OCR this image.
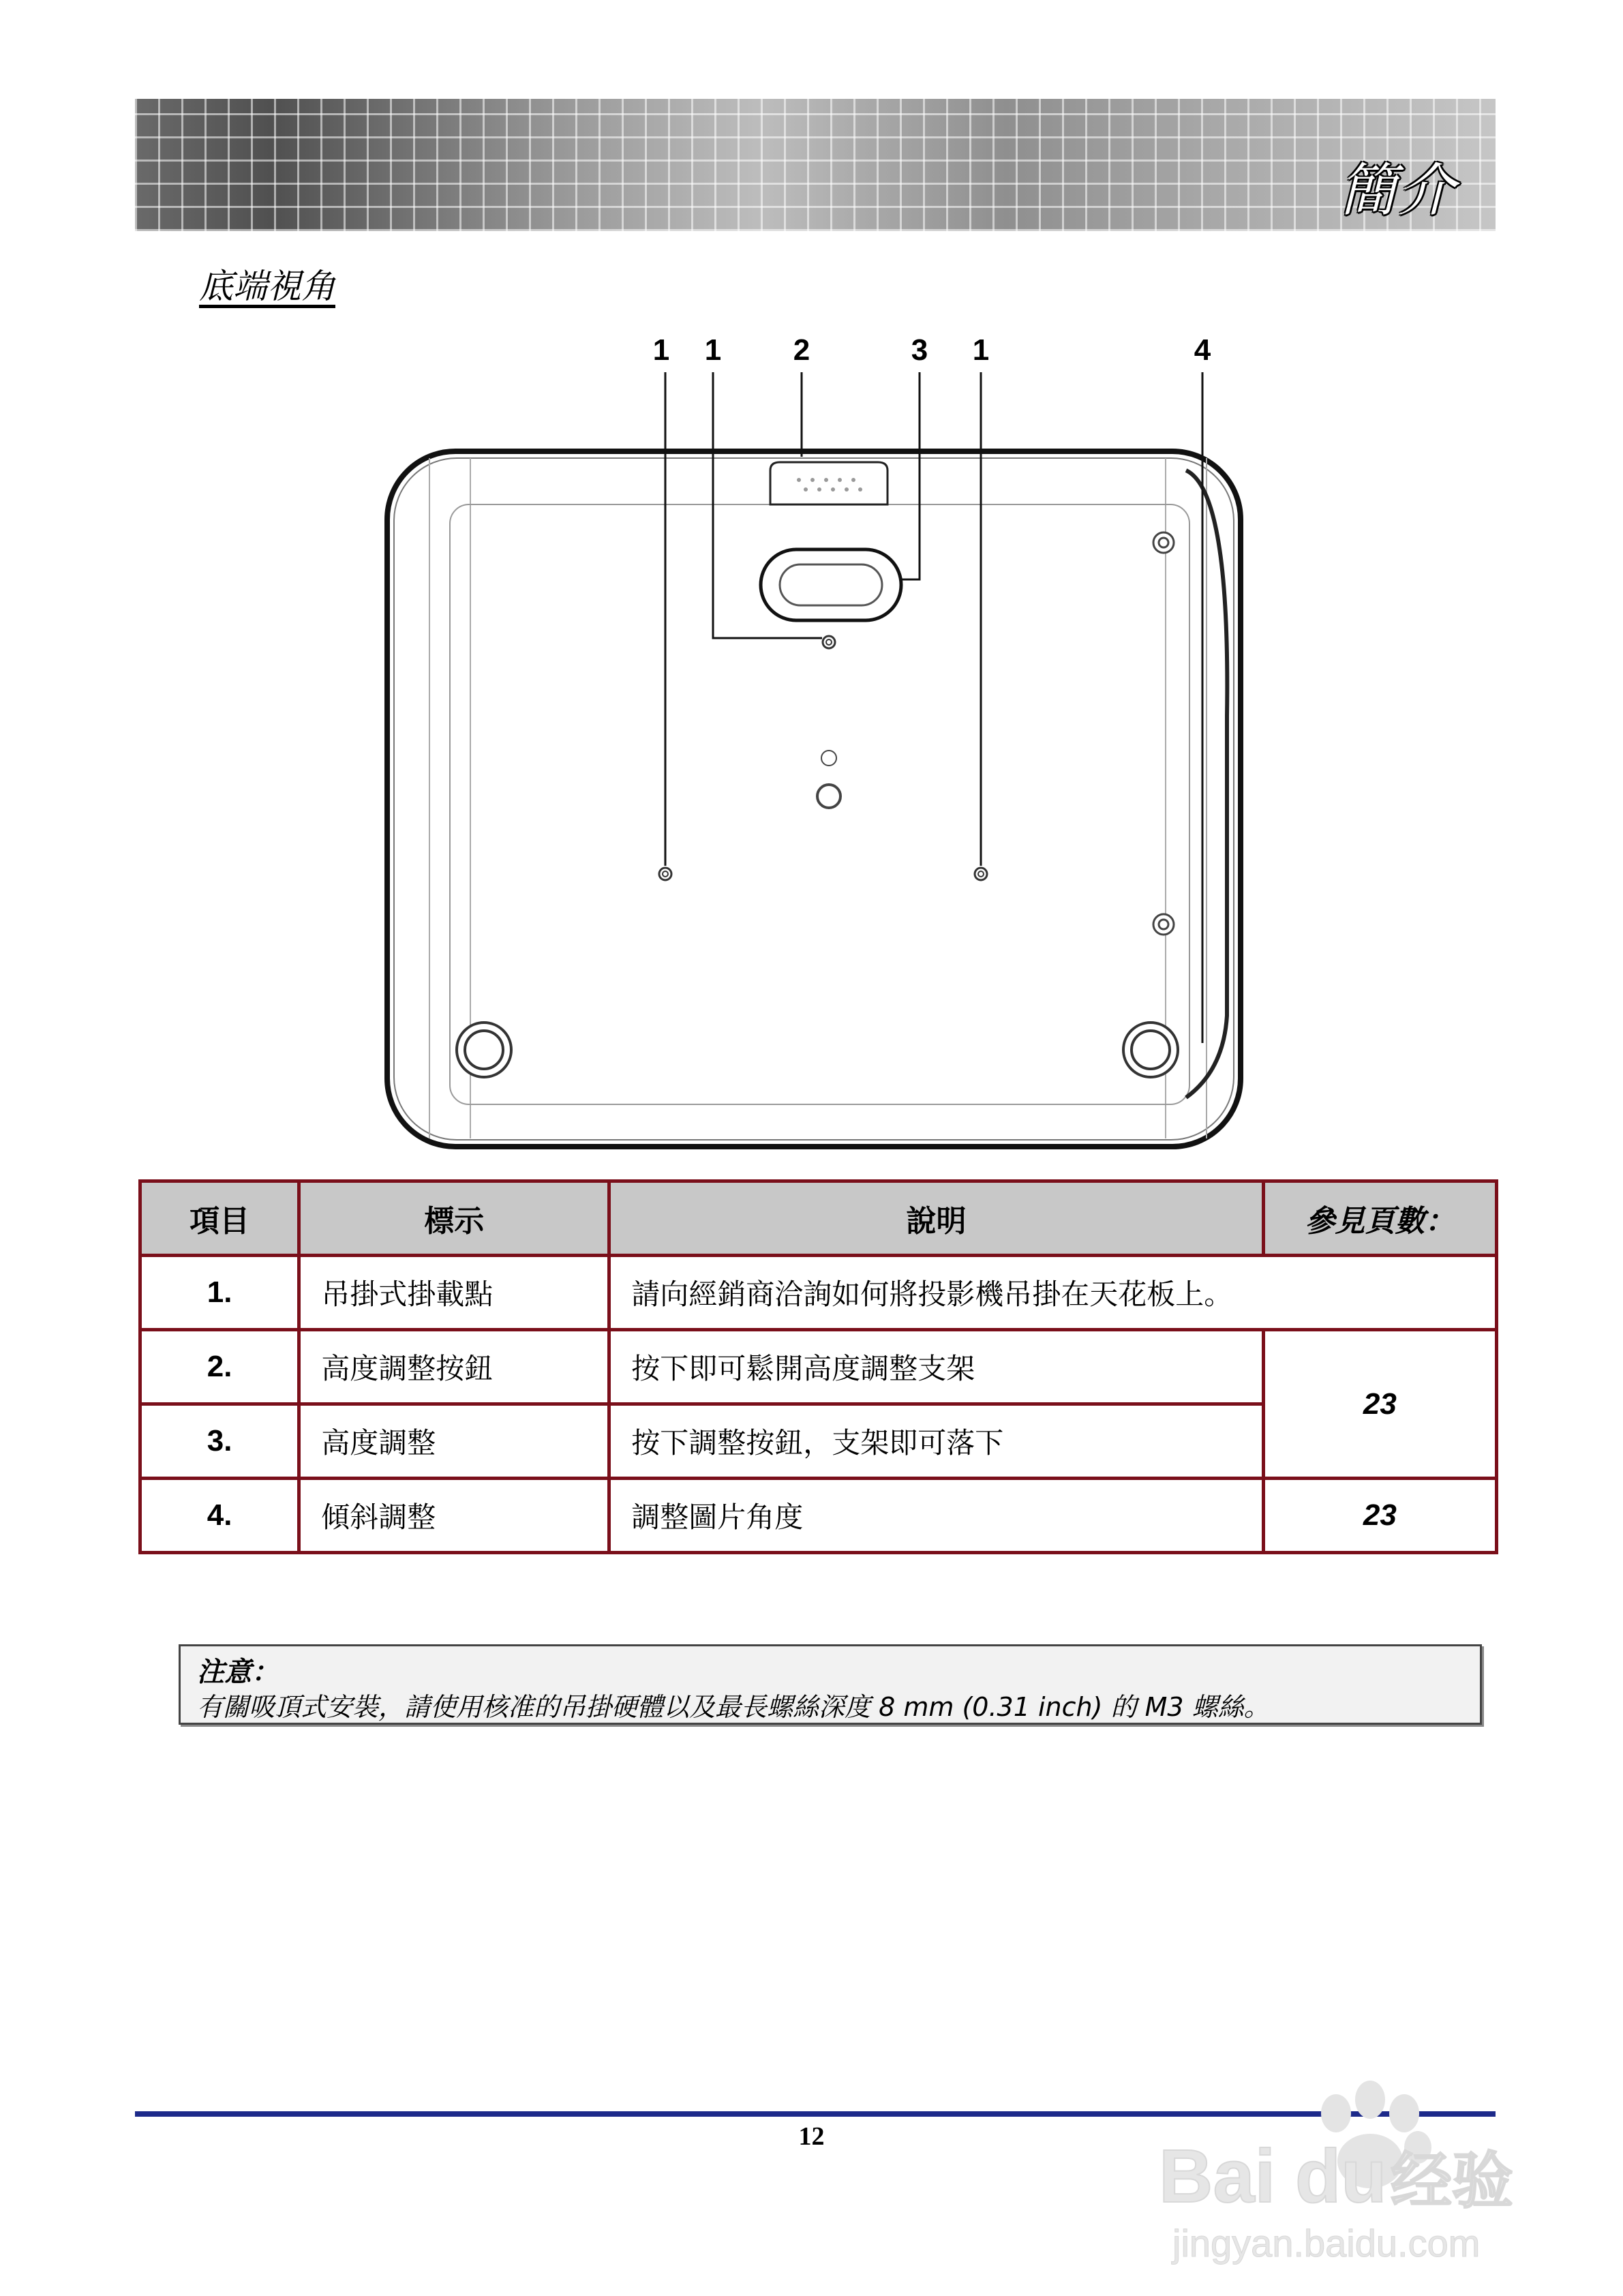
簡介
底端視角
1 1 2	3 1	4
項目	標示	說明	參見頁數：
1.	吊掛式掛載點	請向經銷商洽詢如何將投影機吊掛在天花板上。	
2.	高度調整按鈕	按下即可鬆開高度調整支架	23
3.	高度調整	按下調整按鈕，支架即可落下	
4.	傾斜調整	調整圖片角度	23
注意：
有關吸頂式安裝，請使用核准的吊掛硬體以及最長螺絲深度 8 mm (0.31 inch) 的 M3 螺絲。
12	Bai du 经验
jingyan.baidu.com
